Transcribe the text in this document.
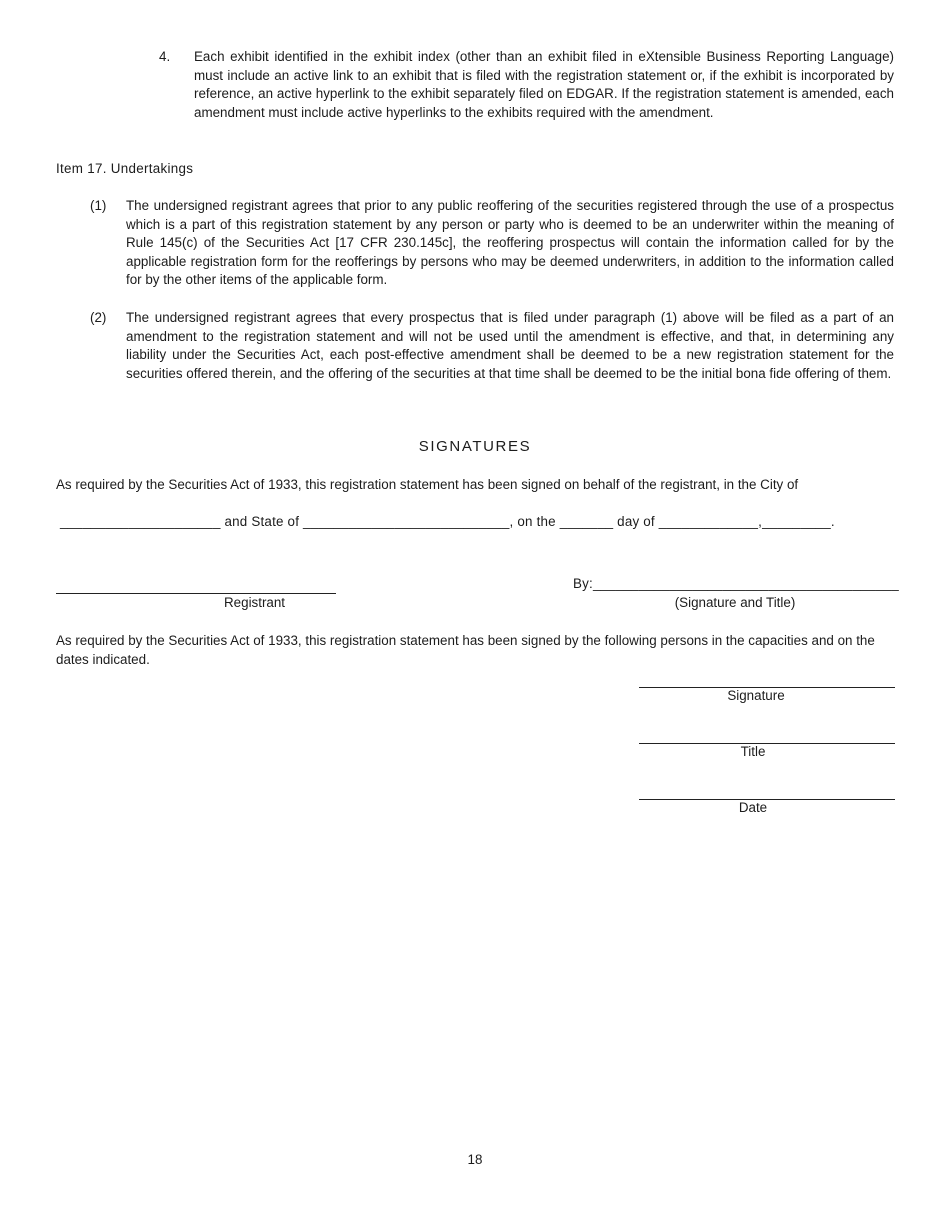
4. Each exhibit identified in the exhibit index (other than an exhibit filed in eXtensible Business Reporting Language) must include an active link to an exhibit that is filed with the registration statement or, if the exhibit is incorporated by reference, an active hyperlink to the exhibit separately filed on EDGAR. If the registration statement is amended, each amendment must include active hyperlinks to the exhibits required with the amendment.
Item 17. Undertakings
(1) The undersigned registrant agrees that prior to any public reoffering of the securities registered through the use of a prospectus which is a part of this registration statement by any person or party who is deemed to be an underwriter within the meaning of Rule 145(c) of the Securities Act [17 CFR 230.145c], the reoffering prospectus will contain the information called for by the applicable registration form for the reofferings by persons who may be deemed underwriters, in addition to the information called for by the other items of the applicable form.
(2) The undersigned registrant agrees that every prospectus that is filed under paragraph (1) above will be filed as a part of an amendment to the registration statement and will not be used until the amendment is effective, and that, in determining any liability under the Securities Act, each post-effective amendment shall be deemed to be a new registration statement for the securities offered therein, and the offering of the securities at that time shall be deemed to be the initial bona fide offering of them.
SIGNATURES
As required by the Securities Act of 1933, this registration statement has been signed on behalf of the registrant, in the City of
_____________________ and State of ___________________________, on the _______ day of _____________,_________.
Registrant
By:________________________________________
(Signature and Title)
As required by the Securities Act of 1933, this registration statement has been signed by the following persons in the capacities and on the dates indicated.
Signature
Title
Date
18
